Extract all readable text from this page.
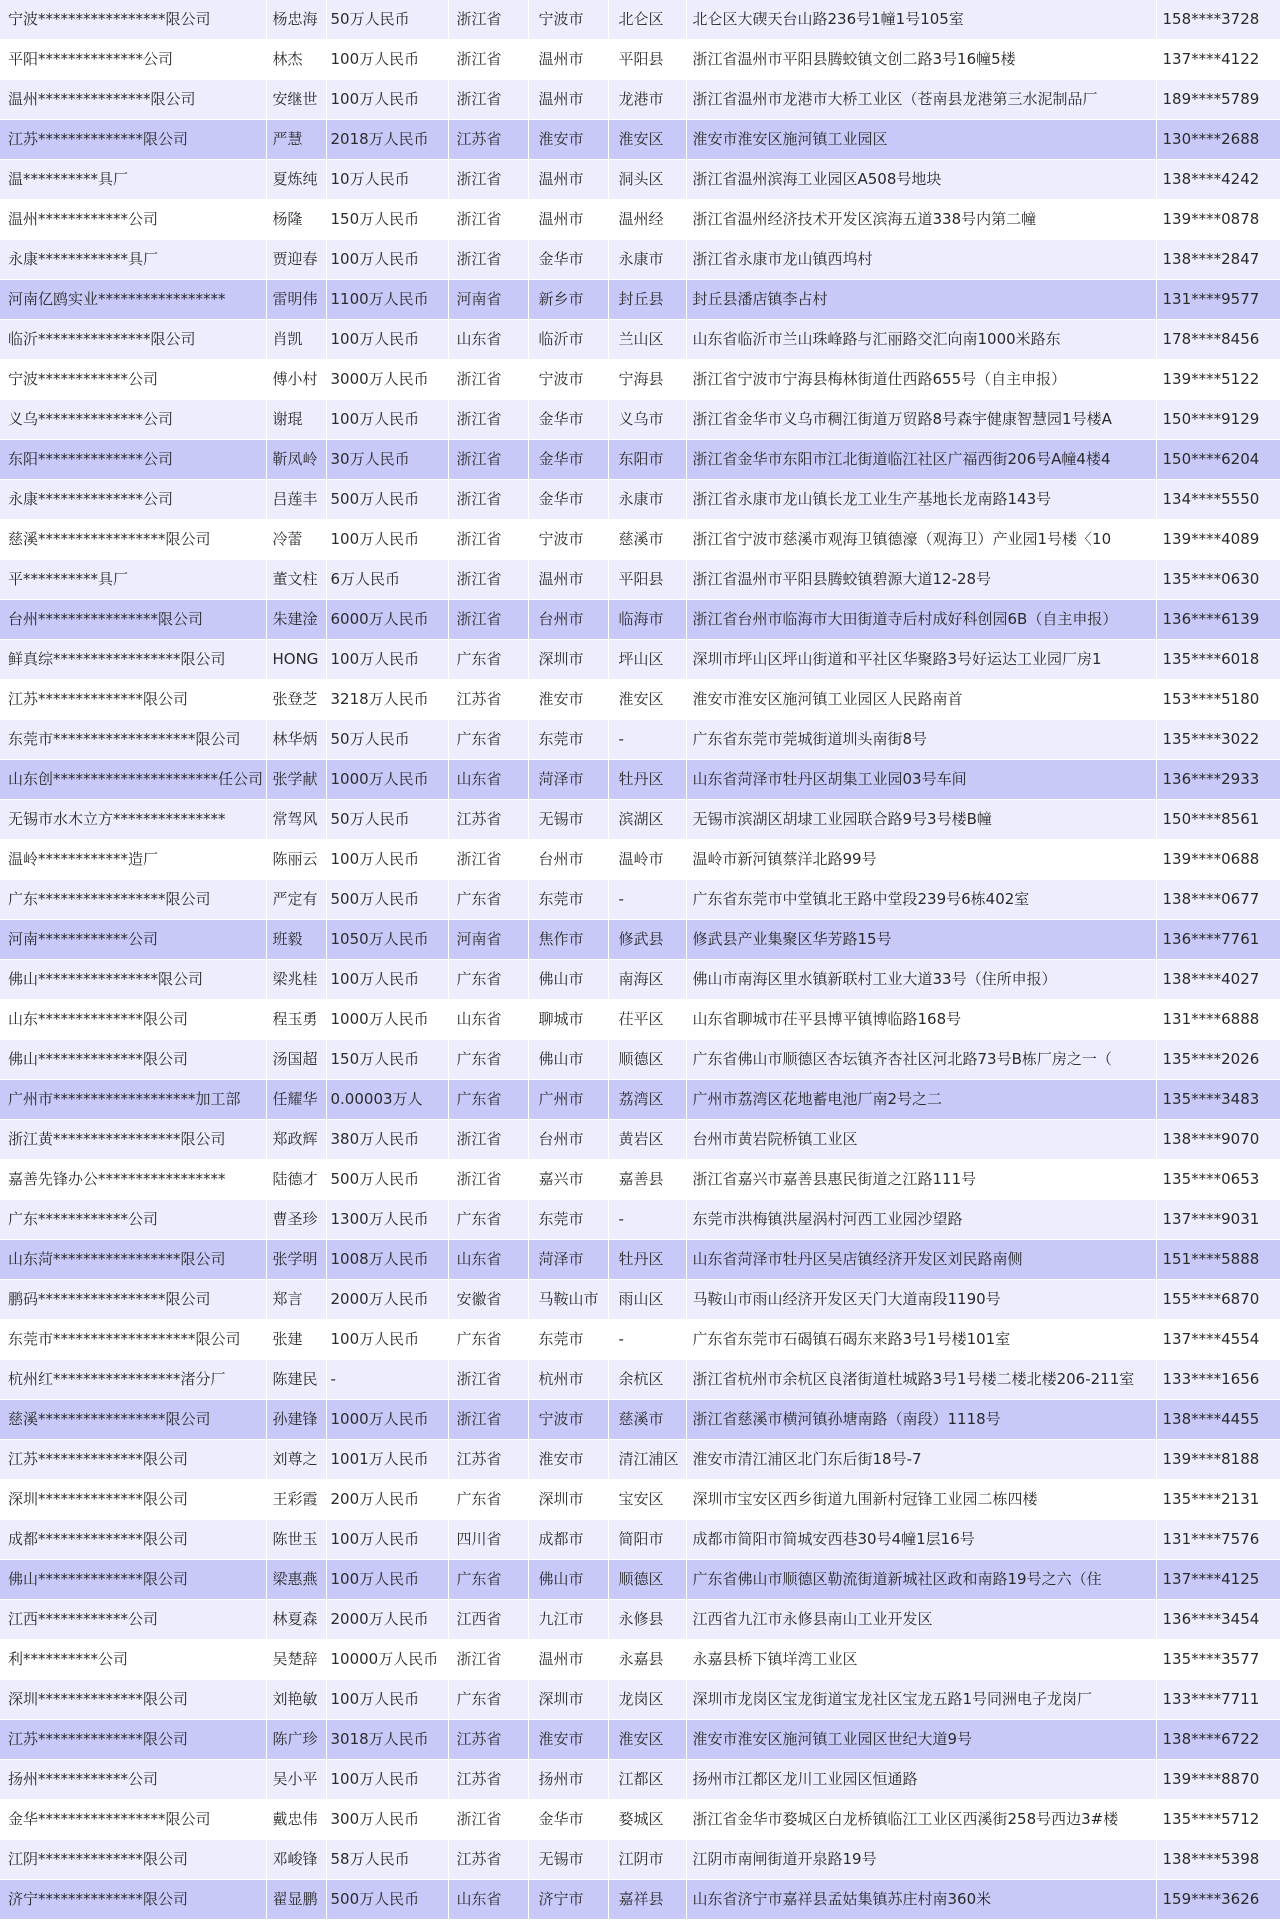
宁波*****************限公司	杨忠海	50万人民币	浙江省	宁波市	北仑区	北仑区大碶天台山路236号1幢1号105室	158****3728
平阳**************公司	林杰	100万人民币	浙江省	温州市	平阳县	浙江省温州市平阳县腾蛟镇文创二路3号16幢5楼	137****4122
温州***************限公司	安继世	100万人民币	浙江省	温州市	龙港市	浙江省温州市龙港市大桥工业区（苍南县龙港第三水泥制品厂	189****5789
江苏**************限公司	严慧	2018万人民币	江苏省	淮安市	淮安区	淮安市淮安区施河镇工业园区	130****2688
温**********具厂	夏炼纯	10万人民币	浙江省	温州市	洞头区	浙江省温州滨海工业园区A508号地块	138****4242
温州************公司	杨隆	150万人民币	浙江省	温州市	温州经	浙江省温州经济技术开发区滨海五道338号内第二幢	139****0878
永康************具厂	贾迎春	100万人民币	浙江省	金华市	永康市	浙江省永康市龙山镇西坞村	138****2847
河南亿鸥实业*****************	雷明伟	1100万人民币	河南省	新乡市	封丘县	封丘县潘店镇李占村	131****9577
临沂***************限公司	肖凯	100万人民币	山东省	临沂市	兰山区	山东省临沂市兰山珠峰路与汇丽路交汇向南1000米路东	178****8456
宁波************公司	傅小村	3000万人民币	浙江省	宁波市	宁海县	浙江省宁波市宁海县梅林街道仕西路655号（自主申报）	139****5122
义乌**************公司	谢琨	100万人民币	浙江省	金华市	义乌市	浙江省金华市义乌市稠江街道万贸路8号森宇健康智慧园1号楼A	150****9129
东阳**************公司	靳凤岭	30万人民币	浙江省	金华市	东阳市	浙江省金华市东阳市江北街道临江社区广福西街206号A幢4楼4	150****6204
永康**************公司	吕莲丰	500万人民币	浙江省	金华市	永康市	浙江省永康市龙山镇长龙工业生产基地长龙南路143号	134****5550
慈溪*****************限公司	冷蕾	100万人民币	浙江省	宁波市	慈溪市	浙江省宁波市慈溪市观海卫镇德濠（观海卫）产业园1号楼〈10	139****4089
平**********具厂	董文柱	6万人民币	浙江省	温州市	平阳县	浙江省温州市平阳县腾蛟镇碧源大道12-28号	135****0630
台州****************限公司	朱建淦	6000万人民币	浙江省	台州市	临海市	浙江省台州市临海市大田街道寺后村成好科创园6B（自主申报）	136****6139
鲜真综*****************限公司	HONG	100万人民币	广东省	深圳市	坪山区	深圳市坪山区坪山街道和平社区华聚路3号好运达工业园厂房1	135****6018
江苏**************限公司	张登芝	3218万人民币	江苏省	淮安市	淮安区	淮安市淮安区施河镇工业园区人民路南首	153****5180
东莞市*******************限公司	林华炳	50万人民币	广东省	东莞市	-	广东省东莞市莞城街道圳头南街8号	135****3022
山东创**********************任公司	张学献	1000万人民币	山东省	菏泽市	牡丹区	山东省菏泽市牡丹区胡集工业园03号车间	136****2933
无锡市水木立方***************	常驾风	50万人民币	江苏省	无锡市	滨湖区	无锡市滨湖区胡埭工业园联合路9号3号楼B幢	150****8561
温岭************造厂	陈丽云	100万人民币	浙江省	台州市	温岭市	温岭市新河镇蔡洋北路99号	139****0688
广东*****************限公司	严定有	500万人民币	广东省	东莞市	-	广东省东莞市中堂镇北王路中堂段239号6栋402室	138****0677
河南************公司	班毅	1050万人民币	河南省	焦作市	修武县	修武县产业集聚区华芳路15号	136****7761
佛山****************限公司	梁兆桂	100万人民币	广东省	佛山市	南海区	佛山市南海区里水镇新联村工业大道33号（住所申报）	138****4027
山东**************限公司	程玉勇	1000万人民币	山东省	聊城市	茌平区	山东省聊城市茌平县博平镇博临路168号	131****6888
佛山**************限公司	汤国超	150万人民币	广东省	佛山市	顺德区	广东省佛山市顺德区杏坛镇齐杏社区河北路73号B栋厂房之一（	135****2026
广州市*******************加工部	任耀华	0.00003万人	广东省	广州市	荔湾区	广州市荔湾区花地蓄电池厂南2号之二	135****3483
浙江黄*****************限公司	郑政辉	380万人民币	浙江省	台州市	黄岩区	台州市黄岩院桥镇工业区	138****9070
嘉善先锋办公*****************	陆德才	500万人民币	浙江省	嘉兴市	嘉善县	浙江省嘉兴市嘉善县惠民街道之江路111号	135****0653
广东************公司	曹圣珍	1300万人民币	广东省	东莞市	-	东莞市洪梅镇洪屋涡村河西工业园沙望路	137****9031
山东菏*****************限公司	张学明	1008万人民币	山东省	菏泽市	牡丹区	山东省菏泽市牡丹区吴店镇经济开发区刘民路南侧	151****5888
鹏码*****************限公司	郑言	2000万人民币	安徽省	马鞍山市	雨山区	马鞍山市雨山经济开发区天门大道南段1190号	155****6870
东莞市*******************限公司	张建	100万人民币	广东省	东莞市	-	广东省东莞市石碣镇石碣东来路3号1号楼101室	137****4554
杭州红*****************渚分厂	陈建民	-	浙江省	杭州市	余杭区	浙江省杭州市余杭区良渚街道杜城路3号1号楼二楼北楼206-211室	133****1656
慈溪*****************限公司	孙建锋	1000万人民币	浙江省	宁波市	慈溪市	浙江省慈溪市横河镇孙塘南路（南段）1118号	138****4455
江苏**************限公司	刘尊之	1001万人民币	江苏省	淮安市	清江浦区	淮安市清江浦区北门东后街18号-7	139****8188
深圳**************限公司	王彩霞	200万人民币	广东省	深圳市	宝安区	深圳市宝安区西乡街道九围新村冠锋工业园二栋四楼	135****2131
成都**************限公司	陈世玉	100万人民币	四川省	成都市	简阳市	成都市简阳市简城安西巷30号4幢1层16号	131****7576
佛山**************限公司	梁惠燕	100万人民币	广东省	佛山市	顺德区	广东省佛山市顺德区勒流街道新城社区政和南路19号之六（住	137****4125
江西************公司	林夏森	2000万人民币	江西省	九江市	永修县	江西省九江市永修县南山工业开发区	136****3454
利**********公司	吴楚辞	10000万人民币	浙江省	温州市	永嘉县	永嘉县桥下镇垟湾工业区	135****3577
深圳**************限公司	刘艳敏	100万人民币	广东省	深圳市	龙岗区	深圳市龙岗区宝龙街道宝龙社区宝龙五路1号同洲电子龙岗厂	133****7711
江苏**************限公司	陈广珍	3018万人民币	江苏省	淮安市	淮安区	淮安市淮安区施河镇工业园区世纪大道9号	138****6722
扬州************公司	吴小平	100万人民币	江苏省	扬州市	江都区	扬州市江都区龙川工业园区恒通路	139****8870
金华*****************限公司	戴忠伟	300万人民币	浙江省	金华市	婺城区	浙江省金华市婺城区白龙桥镇临江工业区西溪街258号西边3#楼	135****5712
江阴**************限公司	邓峻锋	58万人民币	江苏省	无锡市	江阴市	江阴市南闸街道开泉路19号	138****5398
济宁**************限公司	翟显鹏	500万人民币	山东省	济宁市	嘉祥县	山东省济宁市嘉祥县孟姑集镇苏庄村南360米	159****3626
